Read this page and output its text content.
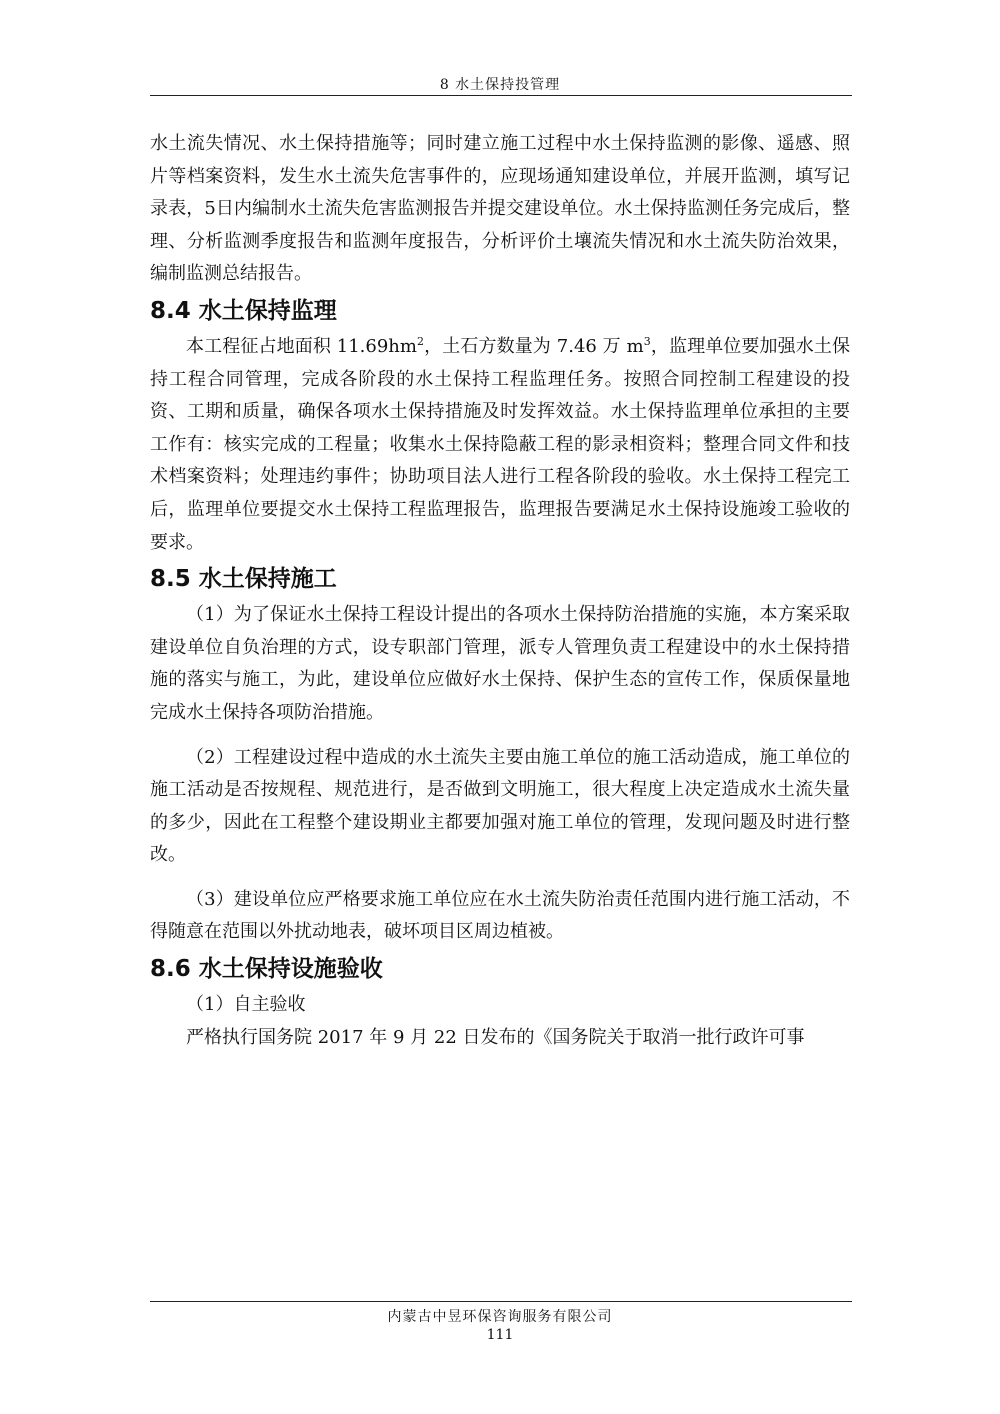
8 水土保持投管理

水土流失情况、水土保持措施等；同时建立施工过程中水土保持监测的影像、遥感、照片等档案资料，发生水土流失危害事件的，应现场通知建设单位，并展开监测，填写记录表，5日内编制水土流失危害监测报告并提交建设单位。水土保持监测任务完成后，整理、分析监测季度报告和监测年度报告，分析评价土壤流失情况和水土流失防治效果，编制监测总结报告。

8.4 水土保持监理

本工程征占地面积 $11.69hm^2$，土石方数量为 7.46 万 $m^3$，监理单位要加强水土保持工程合同管理，完成各阶段的水土保持工程监理任务。按照合同控制工程建设的投资、工期和质量，确保各项水土保持措施及时发挥效益。水土保持监理单位承担的主要工作有：核实完成的工程量；收集水土保持隐蔽工程的影录相资料；整理合同文件和技术档案资料；处理违约事件；协助项目法人进行工程各阶段的验收。水土保持工程完工后，监理单位要提交水土保持工程监理报告，监理报告要满足水土保持设施竣工验收的要求。

8.5 水土保持施工

（1）为了保证水土保持工程设计提出的各项水土保持防治措施的实施，本方案采取建设单位自负治理的方式，设专职部门管理，派专人管理负责工程建设中的水土保持措施的落实与施工，为此，建设单位应做好水土保持、保护生态的宣传工作，保质保量地完成水土保持各项防治措施。

（2）工程建设过程中造成的水土流失主要由施工单位的施工活动造成，施工单位的施工活动是否按规程、规范进行，是否做到文明施工，很大程度上决定造成水土流失量的多少，因此在工程整个建设期业主都要加强对施工单位的管理，发现问题及时进行整改。

（3）建设单位应严格要求施工单位应在水土流失防治责任范围内进行施工活动，不得随意在范围以外扰动地表，破坏项目区周边植被。

8.6 水土保持设施验收

（1）自主验收

严格执行国务院 2017 年 9 月 22 日发布的《国务院关于取消一批行政许可事

内蒙古中昱环保咨询服务有限公司
111
